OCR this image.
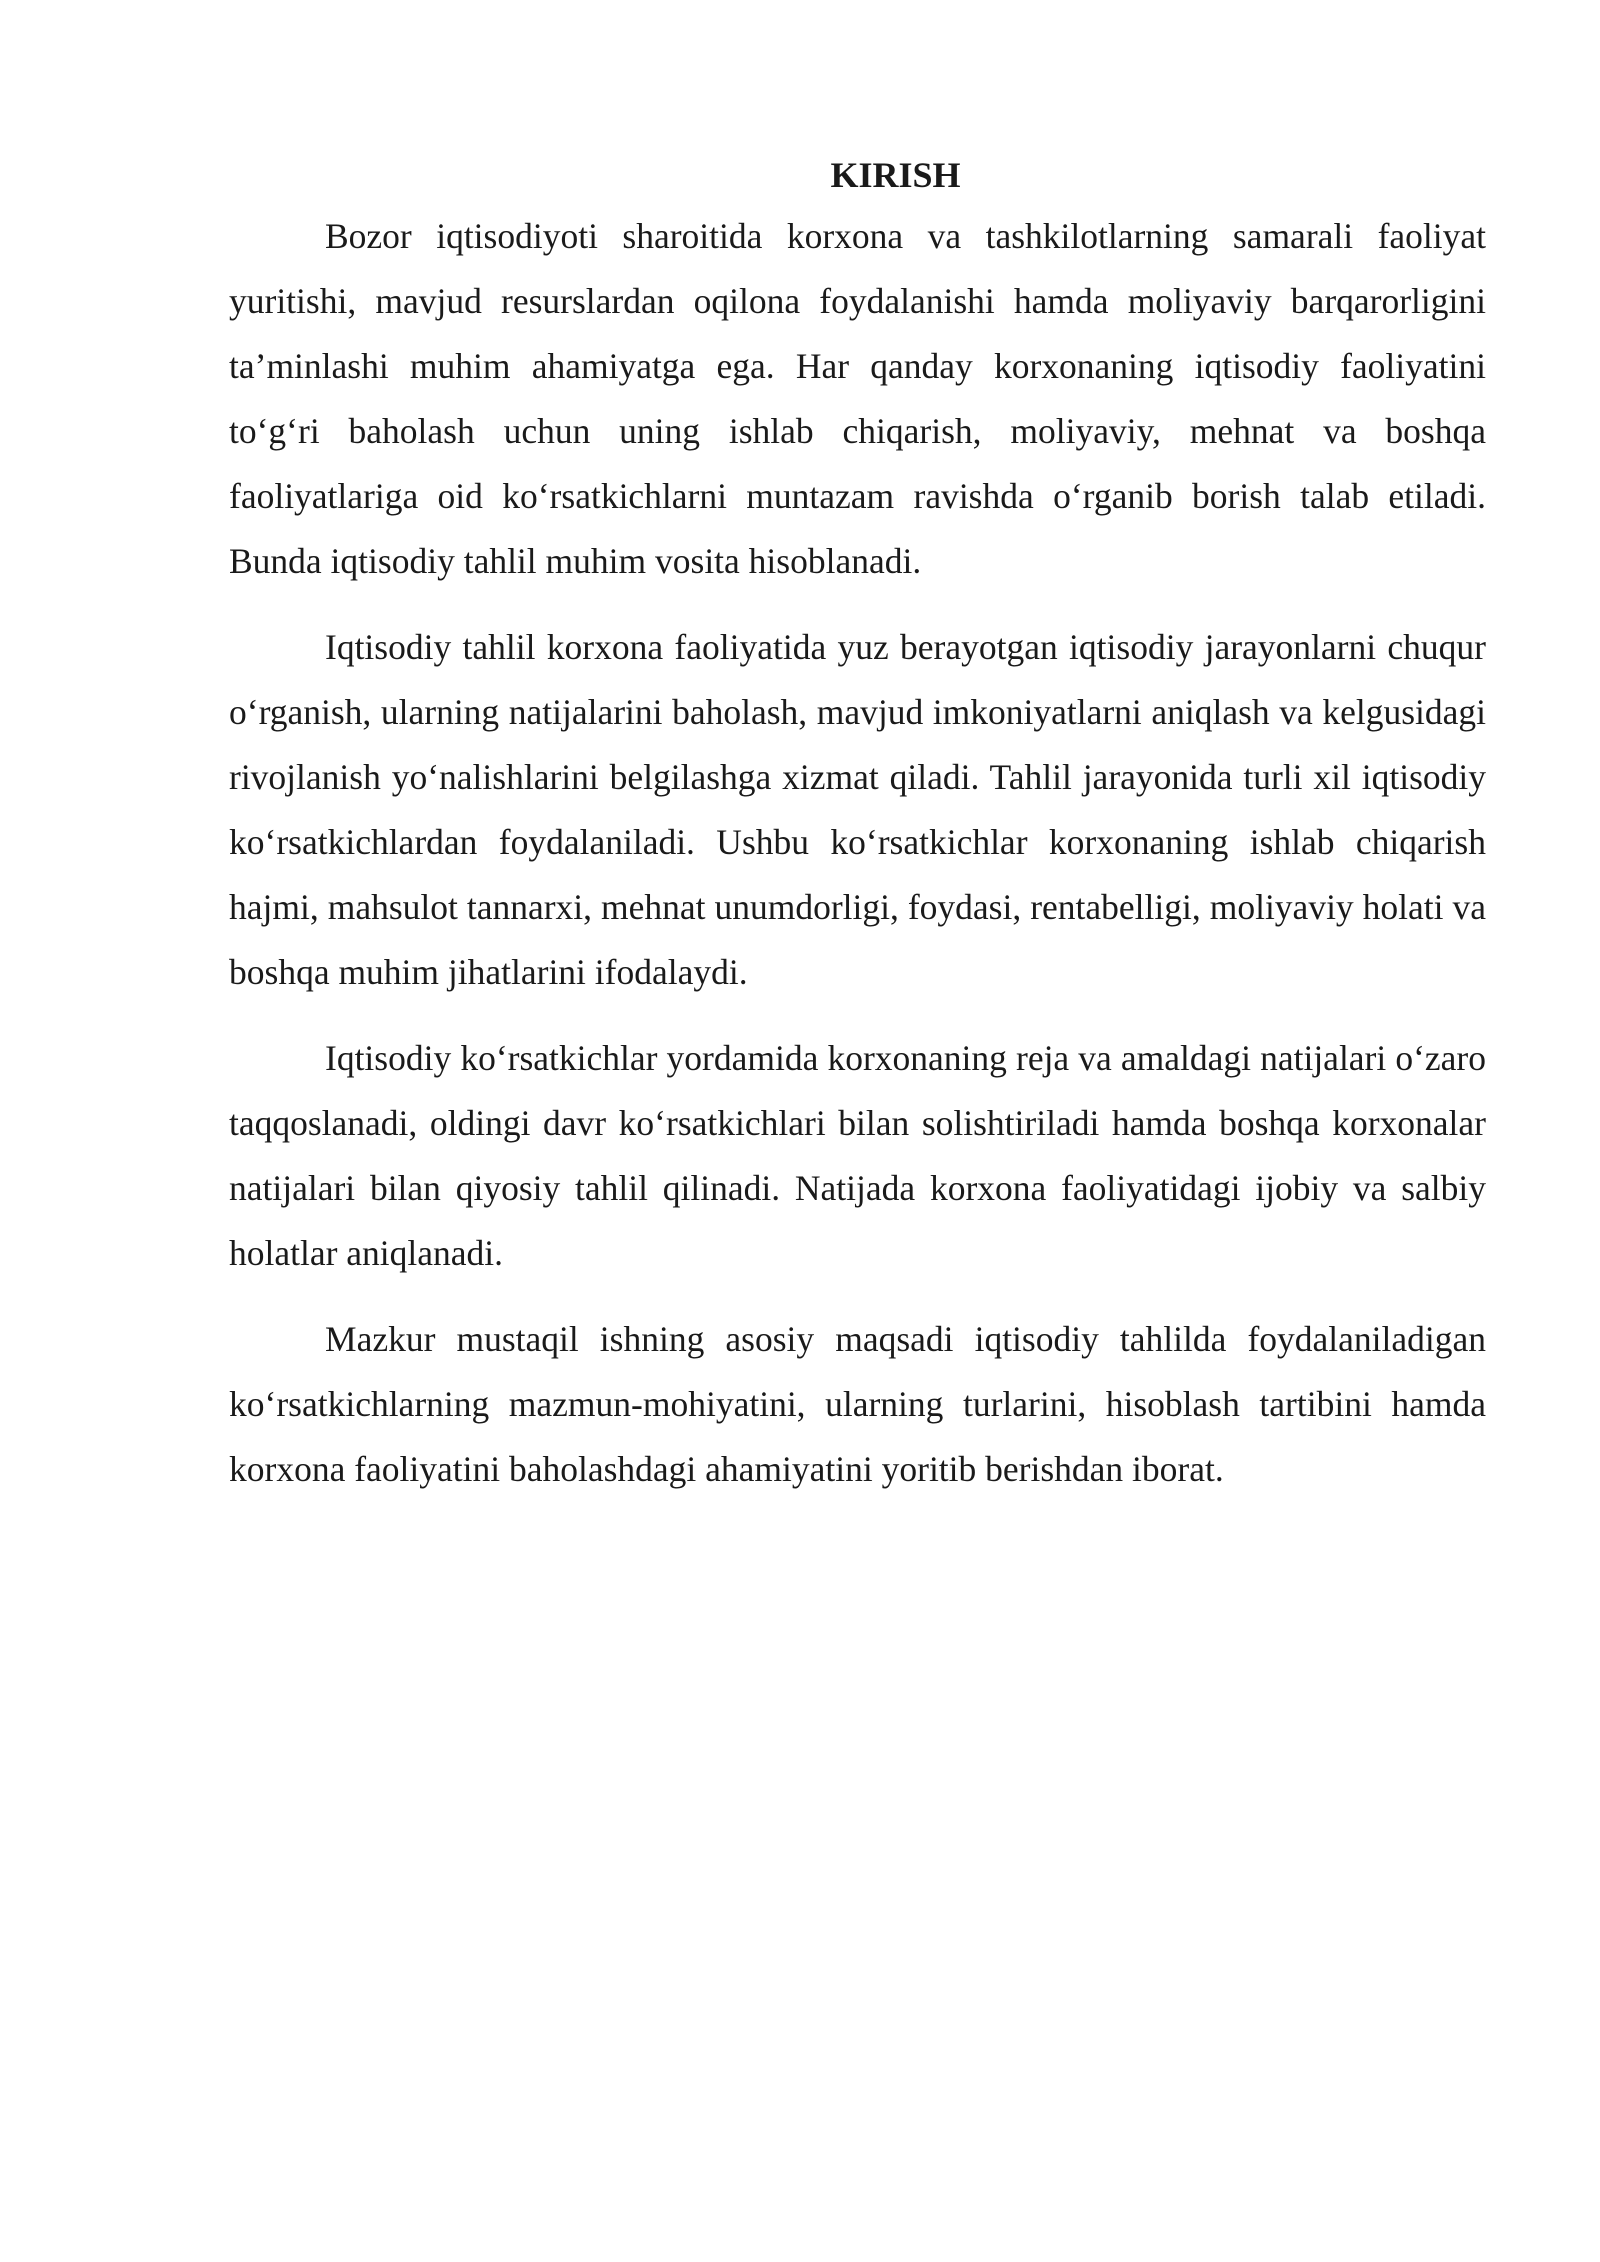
KIRISH

Bozor iqtisodiyoti sharoitida korxona va tashkilotlarning samarali faoliyat yuritishi, mavjud resurslardan oqilona foydalanishi hamda moliyaviy barqarorligini ta’minlashi muhim ahamiyatga ega. Har qanday korxonaning iqtisodiy faoliyatini to‘g‘ri baholash uchun uning ishlab chiqarish, moliyaviy, mehnat va boshqa faoliyatlariga oid ko‘rsatkichlarni muntazam ravishda o‘rganib borish talab etiladi. Bunda iqtisodiy tahlil muhim vosita hisoblanadi.

Iqtisodiy tahlil korxona faoliyatida yuz berayotgan iqtisodiy jarayonlarni chuqur o‘rganish, ularning natijalarini baholash, mavjud imkoniyatlarni aniqlash va kelgusidagi rivojlanish yo‘nalishlarini belgilashga xizmat qiladi. Tahlil jarayonida turli xil iqtisodiy ko‘rsatkichlardan foydalaniladi. Ushbu ko‘rsatkichlar korxonaning ishlab chiqarish hajmi, mahsulot tannarxi, mehnat unumdorligi, foydasi, rentabelligi, moliyaviy holati va boshqa muhim jihatlarini ifodalaydi.

Iqtisodiy ko‘rsatkichlar yordamida korxonaning reja va amaldagi natijalari o‘zaro taqqoslanadi, oldingi davr ko‘rsatkichlari bilan solishtiriladi hamda boshqa korxonalar natijalari bilan qiyosiy tahlil qilinadi. Natijada korxona faoliyatidagi ijobiy va salbiy holatlar aniqlanadi.

Mazkur mustaqil ishning asosiy maqsadi iqtisodiy tahlilda foydalaniladigan ko‘rsatkichlarning mazmun-mohiyatini, ularning turlarini, hisoblash tartibini hamda korxona faoliyatini baholashdagi ahamiyatini yoritib berishdan iborat.
